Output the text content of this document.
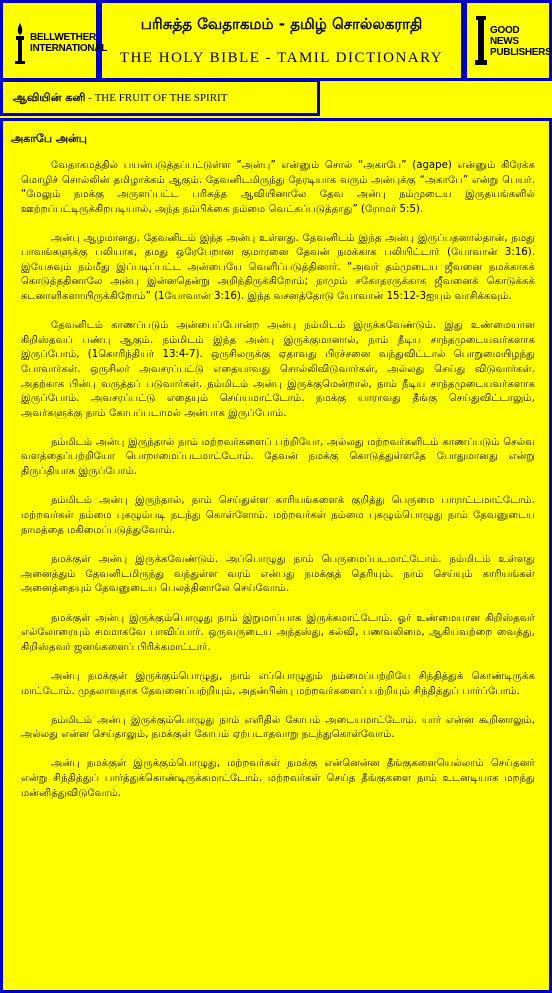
BELLWETHER INTERNATIONAL
பரிசுத்த வேதாகமம் - தமிழ் சொல்லகராதி
THE HOLY BIBLE - TAMIL DICTIONARY
GOOD NEWS PUBLISHERS
ஆவியின் கனி - THE FRUIT OF THE SPIRIT
அகாபே அன்பு

வேதாகமத்தில் பயன்படுத்தப்பட்டுள்ள “அன்பு” என்னும் சொல் “அகாபே” (agape) என்னும் கிரேக்க மொழிச் சொல்லின் தமிழாக்கம் ஆகும். தேவனிடமிருந்து நேரடியாக வரும் அன்புக்கு “அகாபே” என்று பெயர். “மேலும் நமக்கு அருளப்பட்ட பரிசுத்த ஆவியினாலே தேவ அன்பு நம்முடைய இருதயங்களில் ஊற்றப்பட்டிருக்கிறபடியால், அந்த நம்பிக்கை நம்மை வெட்கப்படுத்தாது” (ரோமர் 5:5).

அன்பு ஆழமானது. தேவனிடம் இந்த அன்பு உள்ளது. தேவனிடம் இந்த அன்பு இருப்பதனால்தான், நமது பாவங்களுக்கு பலியாக, தமது ஒரேபேறான குமாரனை தேவன் நமக்காக பலியிட்டார் (யோவான் 3:16). இயேசுவும் நம்மீது இப்படிப்பட்ட அன்பையே வெளிப்படுத்தினார். “அவர் தம்முடைய ஜீவனை நமக்காகக் கொடுத்ததினாலே அன்பு இன்னதென்று அறிந்திருக்கிறோம்; நாமும் சகோதரருக்காக ஜீவனைக் கொடுக்கக் கடனாளிகளாயிருக்கிறோம்” (1யோவான் 3:16). இந்த வசனத்தோடு யோவான் 15:12-3ஐயும் வாசிக்கவும்.

தேவனிடம் காணப்படும் அன்பைப்போன்ற அன்பு நம்மிடம் இருக்கவேண்டும். இது உண்மையான கிறிஸ்தவப் பண்பு ஆகும். நம்மிடம் இந்த அன்பு இருக்குமானால், நாம் நீடிய சாந்தமுடையவர்களாக இருப்போம், (1கொரிந்தியர் 13:4-7). ஒருசிலருக்கு ஏதாவது பிரச்சனை வந்துவிட்டால் பொறுமையிழந்து போவார்கள். ஒருசிலர் அவசரப்பட்டு எதையாவது சொல்லிவிடுவார்கள், அல்லது செய்து விடுவார்கள். அதற்காக பின்பு வருத்தப் படுவார்கள். நம்மிடம் அன்பு இருக்குமென்றால், நாம் நீடிய சாந்தமுடையவர்களாக இருப்போம். அவசரப்பட்டு எதையும் செய்யமாட்டோம். நமக்கு யாராவது தீங்கு செய்துவிட்டாலும், அவர்களுக்கு நாம் கோபப்படாமல் அன்பாக இருப்போம்.

நம்மிடம் அன்பு இருந்தால் நாம் மற்றவர்களைப் பற்றியோ, அல்லது மற்றவர்களிடம் காணப்படும் செல்வ வளத்தைப்பற்றியோ பொறாமைப்படமாட்டோம். தேவன் நமக்கு கொடுத்துள்ளதே போதுமானது என்று திருப்தியாக இருப்போம்.

நம்மிடம் அன்பு இருந்தால், நாம் செய்துள்ள காரியங்களைக் குறித்து பெருமை பாராட்டமாட்டோம். மற்றவர்கள் நம்மை புகழும்படி நடந்து கொள்ளோம். மற்றவர்கள் நம்மை புகழும்பொழுது நாம் தேவனுடைய நாமத்தை மகிமைப்படுத்துவோம்.

நமக்குள் அன்பு இருக்கவேண்டும். அப்பொழுது நாம் பெருமைப்படமாட்டோம். நம்மிடம் உள்ளது அனைத்தும் தேவனிடமிருந்து வந்துள்ள வரம் என்பது நமக்குத் தெரியும். நாம் செய்யும் காரியங்கள் அனைத்தையும் தேவனுடைய பெலத்தினாலே செய்வோம்.

நமக்குள் அன்பு இருக்கும்பொழுது நாம் இறுமாப்பாக இருக்கமாட்டோம். ஓர் உண்மையான கிறிஸ்தவர் எல்லோரையும் சமமாகவே பாவிப்பார். ஒருவருடைய அந்தஸ்து, கல்வி, பணவலிமை, ஆகியவற்றை வைத்து, கிறிஸ்தவர் ஜனங்களைப் பிரிக்கமாட்டார்.

அன்பு நமக்குள் இருக்கும்பொழுது, நாம் எப்பொழுதும் நம்மைப்பற்றியே சிந்தித்துக் கொண்டிருக்க மாட்டோம். முதலாவதாக தேவனைப்பற்றியும், அதன்பின்பு மற்றவர்களைப் பற்றியும் சிந்தித்துப் பார்ப்போம்.

நம்மிடம் அன்பு இருக்கும்பொழுது நாம் எளிதில் கோபம் அடையமாட்டோம். யார் என்ன கூறினாலும், அல்லது என்ன செய்தாலும், நமக்குள் கோபம் ஏற்படாதவாறு நடந்துகொள்வோம்.

அன்பு நமக்குள் இருக்கும்பொழுது, மற்றவர்கள் நமக்கு என்னென்ன தீங்குகளையெல்லாம் செய்தனர் என்று சிந்தித்துப் பார்த்துக்கொண்டிருக்கமாட்டோம். மற்றவர்கள் செய்த தீங்குகளை நாம் உடனடியாக மறந்து மன்னித்துவிடுவோம்.
